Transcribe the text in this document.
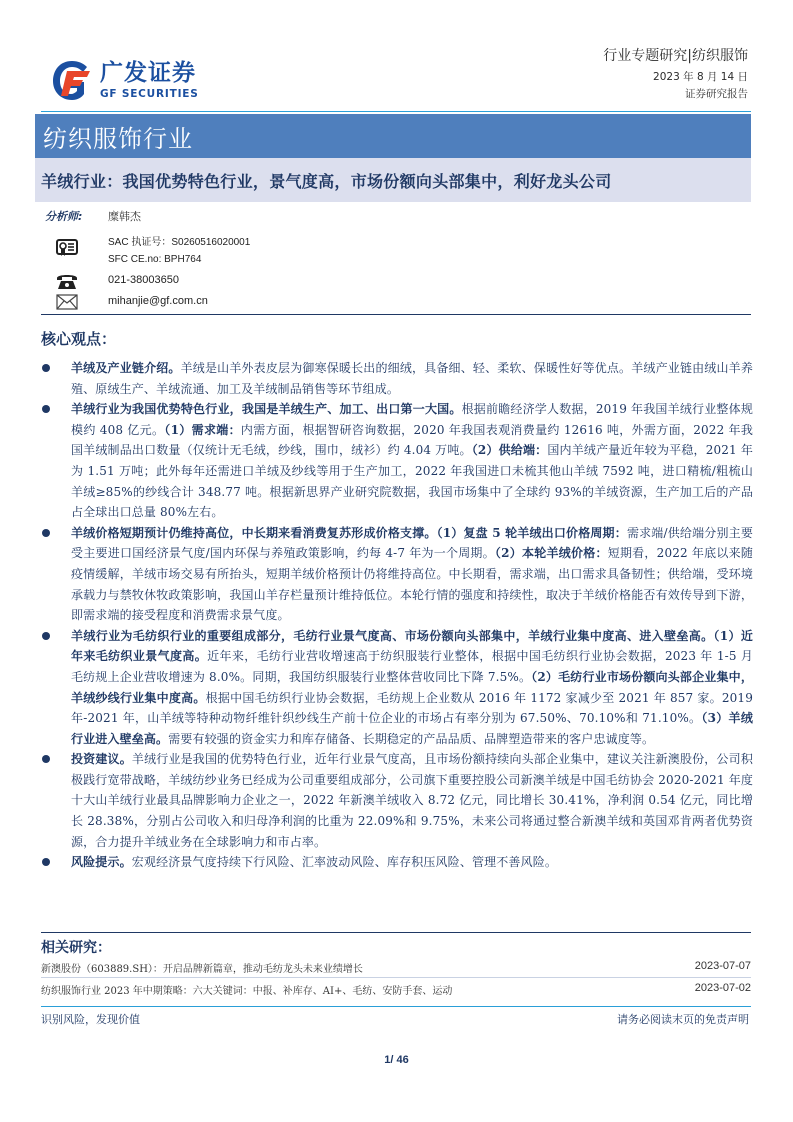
广发证券
GF SECURITIES
行业专题研究|纺织服饰
2023 年 8 月 14 日
证券研究报告
纺织服饰行业
羊绒行业：我国优势特色行业，景气度高，市场份额向头部集中，利好龙头公司
分析师: 糜韩杰
SAC 执证号：S0260516020001
SFC CE.no: BPH764
021-38003650
mihanjie@gf.com.cn
核心观点：
羊绒及产业链介绍。羊绒是山羊外表皮层为御寒保暖长出的细绒，具备细、轻、柔软、保暖性好等优点。羊绒产业链由绒山羊养殖、原绒生产、羊绒流通、加工及羊绒制品销售等环节组成。
羊绒行业为我国优势特色行业，我国是羊绒生产、加工、出口第一大国。根据前瞻经济学人数据，2019 年我国羊绒行业整体规模约 408 亿元。（1）需求端：内需方面，根据智研咨询数据，2020 年我国表观消费量约 12616 吨，外需方面，2022 年我国羊绒制品出口数量（仅统计无毛绒，纱线，围巾，绒衫）约 4.04 万吨。（2）供给端：国内羊绒产量近年较为平稳，2021 年为 1.51 万吨；此外每年还需进口羊绒及纱线等用于生产加工，2022 年我国进口未梳其他山羊绒 7592 吨，进口精梳/粗梳山羊绒≥85%的纱线合计 348.77 吨。根据新思界产业研究院数据，我国市场集中了全球约 93%的羊绒资源，生产加工后的产品占全球出口总量 80%左右。
羊绒价格短期预计仍维持高位，中长期来看消费复苏形成价格支撑。（1）复盘 5 轮羊绒出口价格周期：需求端/供给端分别主要受主要进口国经济景气度/国内环保与养殖政策影响，约每 4-7 年为一个周期。（2）本轮羊绒价格：短期看，2022 年底以来随疫情缓解，羊绒市场交易有所抬头，短期羊绒价格预计仍将维持高位。中长期看，需求端，出口需求具备韧性；供给端，受环境承载力与禁牧休牧政策影响，我国山羊存栏量预计维持低位。本轮行情的强度和持续性，取决于羊绒价格能否有效传导到下游，即需求端的接受程度和消费需求景气度。
羊绒行业为毛纺织行业的重要组成部分，毛纺行业景气度高、市场份额向头部集中，羊绒行业集中度高、进入壁垒高。（1）近年来毛纺织业景气度高。近年来，毛纺行业营收增速高于纺织服装行业整体，根据中国毛纺织行业协会数据，2023 年 1-5 月毛纺规上企业营收增速为 8.0%。同期，我国纺织服装行业整体营收同比下降 7.5%。（2）毛纺行业市场份额向头部企业集中，羊绒纱线行业集中度高。根据中国毛纺织行业协会数据，毛纺规上企业数从 2016 年 1172 家减少至 2021 年 857 家。2019 年-2021 年，山羊绒等特种动物纤维针织纱线生产前十位企业的市场占有率分别为 67.50%、70.10%和 71.10%。（3）羊绒行业进入壁垒高。需要有较强的资金实力和库存储备、长期稳定的产品品质、品牌塑造带来的客户忠诚度等。
投资建议。羊绒行业是我国的优势特色行业，近年行业景气度高，且市场份额持续向头部企业集中，建议关注新澳股份，公司积极践行宽带战略，羊绒纺纱业务已经成为公司重要组成部分，公司旗下重要控股公司新澳羊绒是中国毛纺协会 2020-2021 年度十大山羊绒行业最具品牌影响力企业之一，2022 年新澳羊绒收入 8.72 亿元，同比增长 30.41%，净利润 0.54 亿元，同比增长 28.38%，分别占公司收入和归母净利润的比重为 22.09%和 9.75%，未来公司将通过整合新澳羊绒和英国邓肯两者优势资源，合力提升羊绒业务在全球影响力和市占率。
风险提示。宏观经济景气度持续下行风险、汇率波动风险、库存积压风险、管理不善风险。
相关研究：
新澳股份（603889.SH）：开启品牌新篇章，推动毛纺龙头未来业绩增长	2023-07-07
纺织服饰行业 2023 年中期策略：六大关键词：中报、补库存、AI+、毛纺、安防手套、运动	2023-07-02
识别风险，发现价值	请务必阅读末页的免责声明
1/ 46
